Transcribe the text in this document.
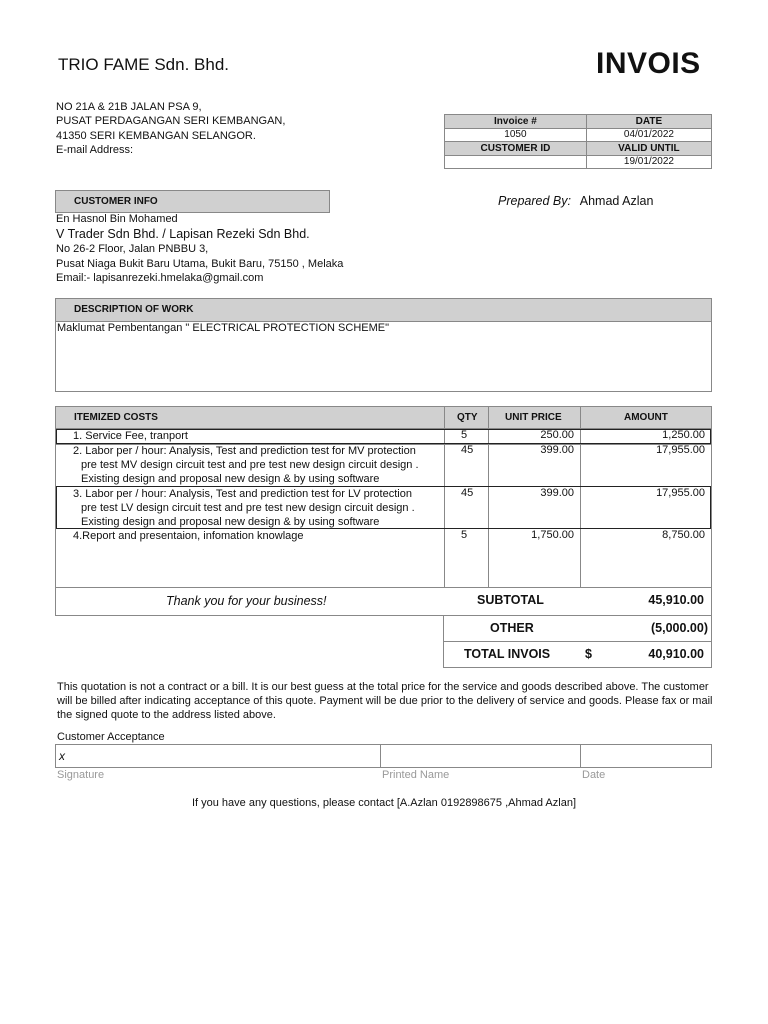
TRIO FAME Sdn. Bhd.	INVOIS
NO 21A & 21B JALAN PSA 9,
PUSAT PERDAGANGAN SERI KEMBANGAN,
41350 SERI KEMBANGAN SELANGOR.
E-mail Address:
Invoice #	DATE
1050	04/01/2022
CUSTOMER ID	VALID UNTIL
	19/01/2022
CUSTOMER INFO	Prepared By: Ahmad Azlan
En Hasnol Bin Mohamed
V Trader Sdn Bhd. / Lapisan Rezeki Sdn Bhd.
No 26-2 Floor, Jalan PNBBU 3,
Pusat Niaga Bukit Baru Utama, Bukit Baru, 75150 , Melaka
Email:- lapisanrezeki.hmelaka@gmail.com
DESCRIPTION OF WORK
Maklumat Pembentangan " ELECTRICAL PROTECTION SCHEME"
ITEMIZED COSTS	QTY	UNIT PRICE	AMOUNT
1. Service Fee, tranport	5	250.00	1,250.00
2. Labor per / hour: Analysis, Test and prediction test for MV protection
pre test MV design circuit test and pre test new design circuit design .
Existing design and proposal new design & by using software
45	399.00	17,955.00
3. Labor per / hour: Analysis, Test and prediction test for LV protection
pre test LV design circuit test and pre test new design circuit design .
Existing design and proposal new design & by using software
45	399.00	17,955.00
4.Report and presentaion, infomation knowlage	5	1,750.00	8,750.00
Thank you for your business!	SUBTOTAL	45,910.00
OTHER	(5,000.00)
TOTAL INVOIS	$	40,910.00
This quotation is not a contract or a bill. It is our best guess at the total price for the service and goods described above. The customer will be billed after indicating acceptance of this quote. Payment will be due prior to the delivery of service and goods. Please fax or mail the signed quote to the address listed above.
Customer Acceptance
x
Signature	Printed Name	Date
If you have any questions, please contact [A.Azlan 0192898675 ,Ahmad Azlan]
